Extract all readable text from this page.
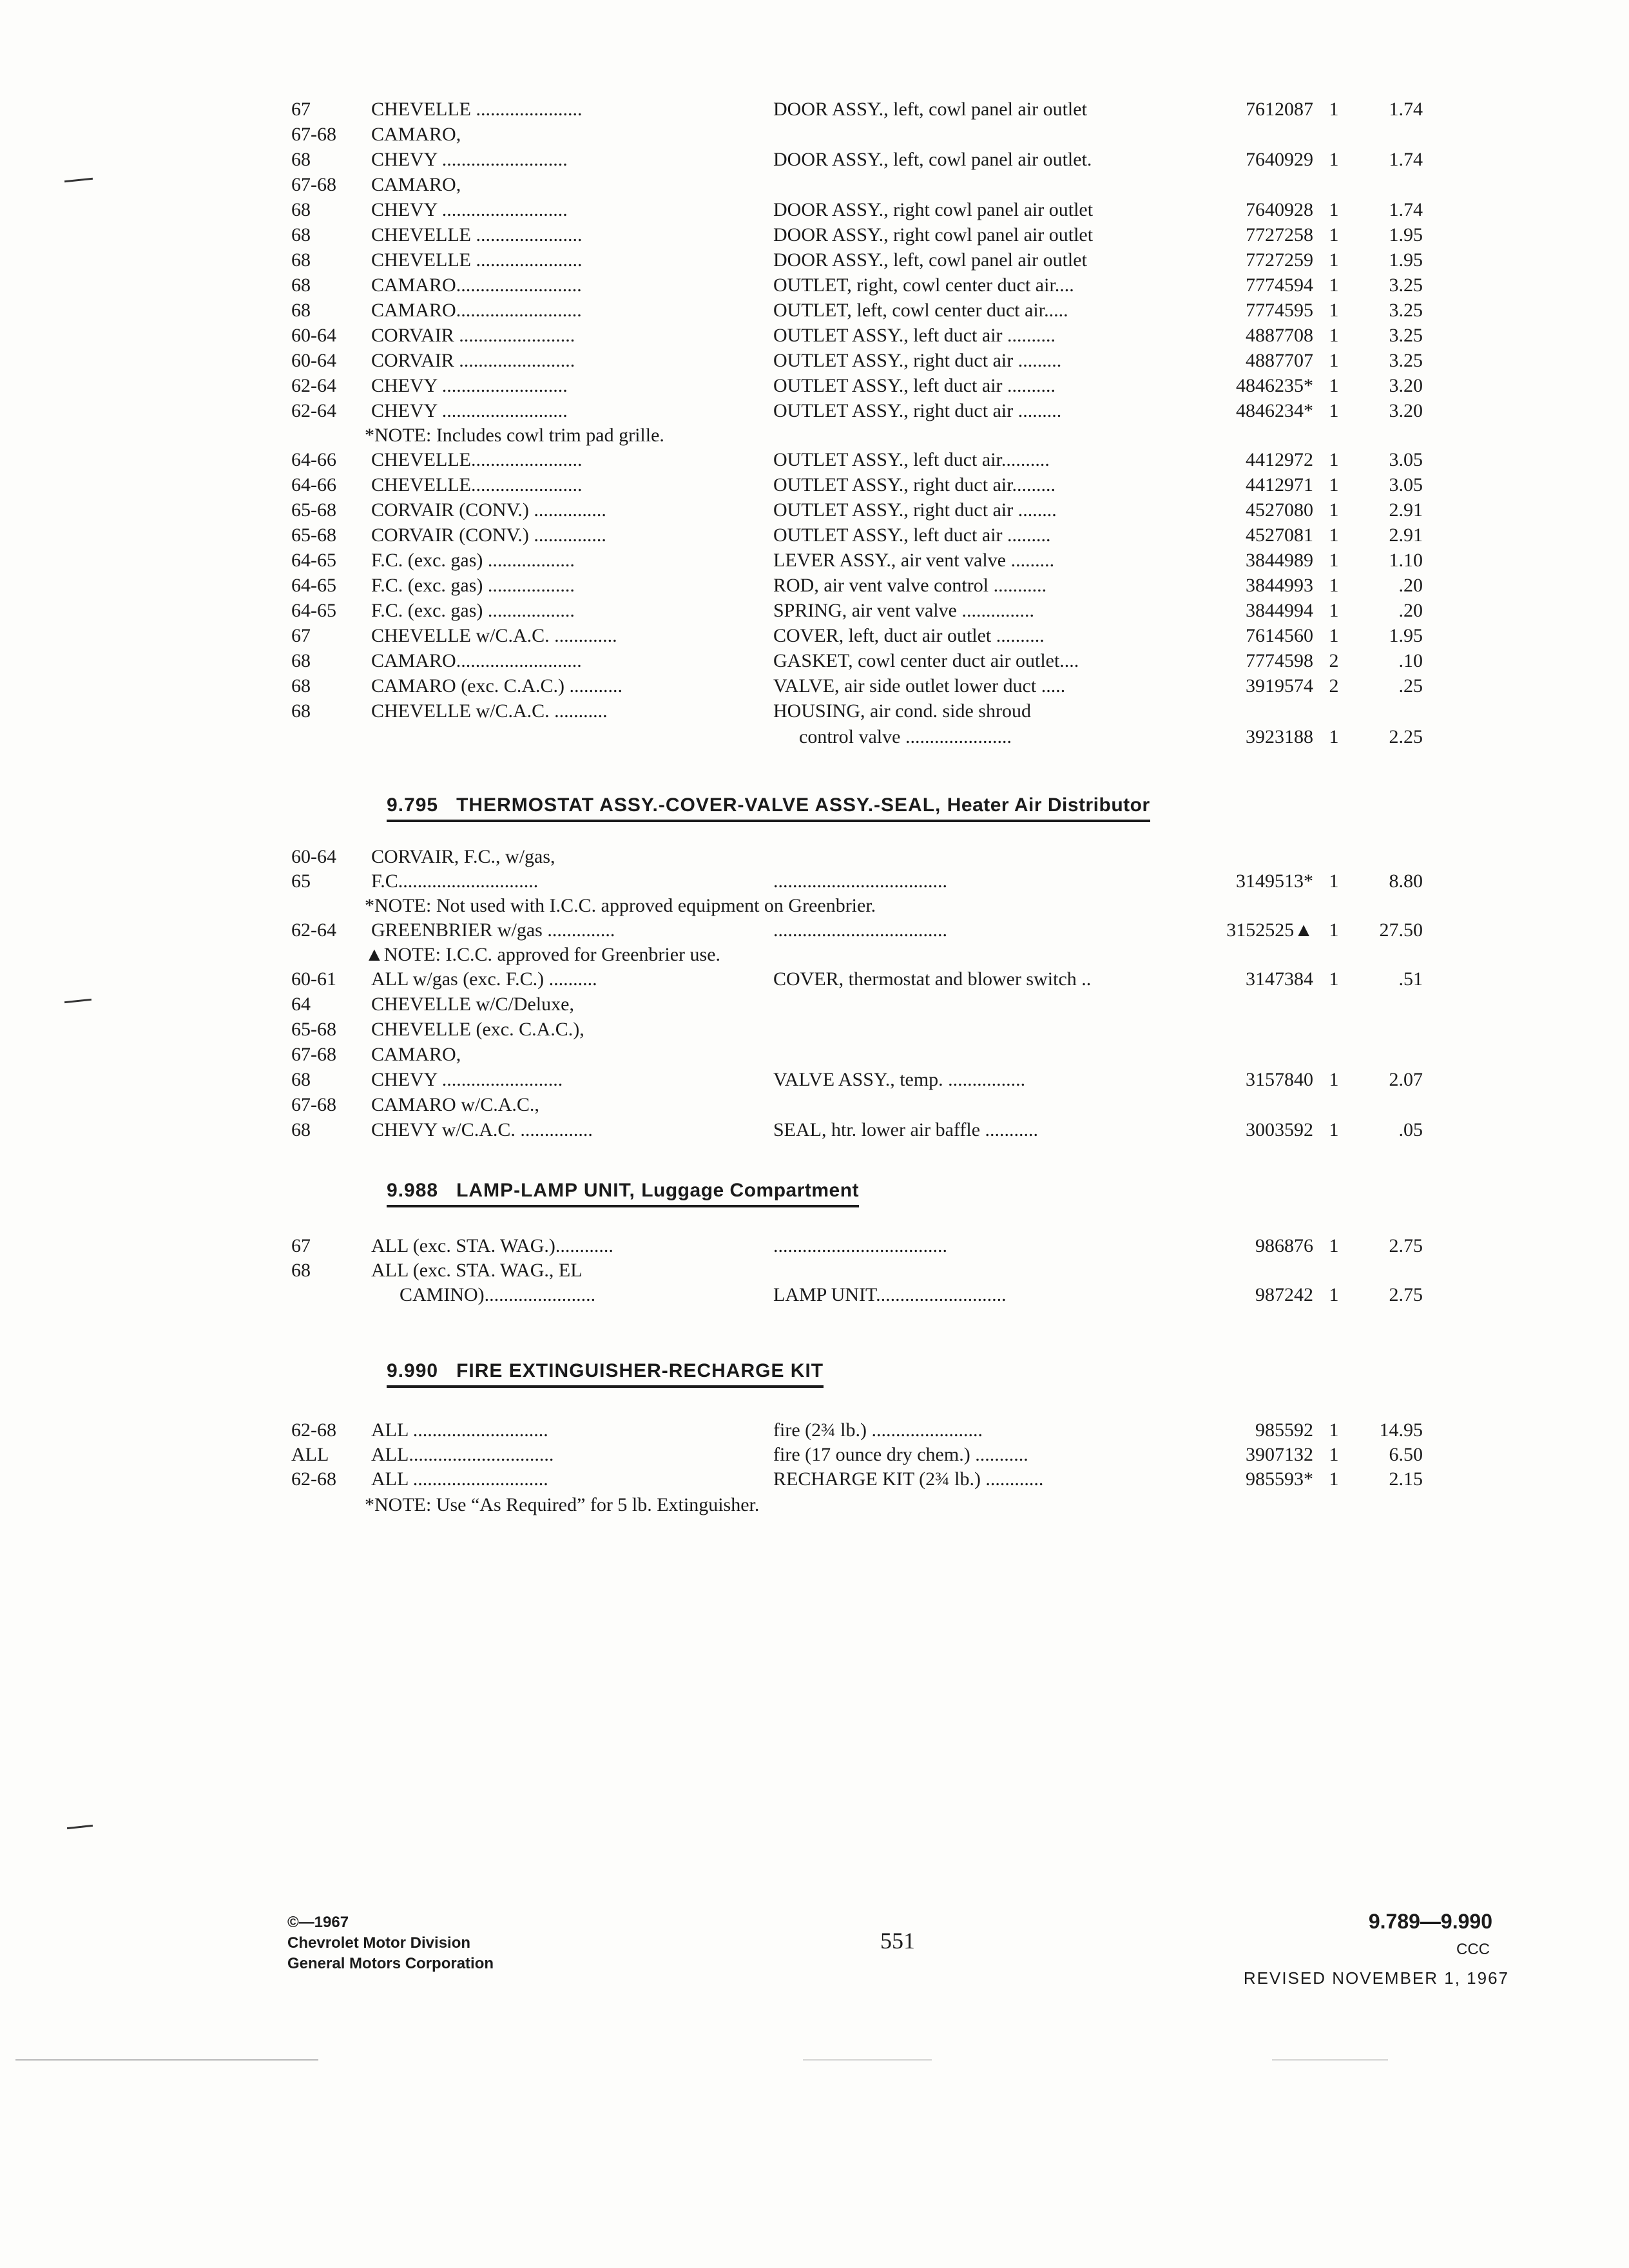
67	CHEVELLE ......................	DOOR ASSY., left, cowl panel air outlet	7612087 1	1.74
67-68	CAMARO,
68	CHEVY ..........................	DOOR ASSY., left, cowl panel air outlet.	7640929 1	1.74
67-68	CAMARO,
68	CHEVY ..........................	DOOR ASSY., right cowl panel air outlet	7640928 1	1.74
68	CHEVELLE ......................	DOOR ASSY., right cowl panel air outlet	7727258 1	1.95
68	CHEVELLE ......................	DOOR ASSY., left, cowl panel air outlet	7727259 1	1.95
68	CAMARO..........................	OUTLET, right, cowl center duct air....	7774594 1	3.25
68	CAMARO..........................	OUTLET, left, cowl center duct air.....	7774595 1	3.25
60-64	CORVAIR ........................	OUTLET ASSY., left duct air ..........	4887708 1	3.25
60-64	CORVAIR ........................	OUTLET ASSY., right duct air .........	4887707 1	3.25
62-64	CHEVY ..........................	OUTLET ASSY., left duct air ..........	4846235* 1	3.20
62-64	CHEVY ..........................	OUTLET ASSY., right duct air .........	4846234* 1	3.20
*NOTE: Includes cowl trim pad grille.
64-66	CHEVELLE.......................	OUTLET ASSY., left duct air..........	4412972 1	3.05
64-66	CHEVELLE.......................	OUTLET ASSY., right duct air.........	4412971 1	3.05
65-68	CORVAIR (CONV.) ...............	OUTLET ASSY., right duct air ........	4527080 1	2.91
65-68	CORVAIR (CONV.) ...............	OUTLET ASSY., left duct air .........	4527081 1	2.91
64-65	F.C. (exc. gas) ..................	LEVER ASSY., air vent valve .........	3844989 1	1.10
64-65	F.C. (exc. gas) ..................	ROD, air vent valve control ...........	3844993 1	.20
64-65	F.C. (exc. gas) ..................	SPRING, air vent valve ...............	3844994 1	.20
67	CHEVELLE w/C.A.C. .............	COVER, left, duct air outlet ..........	7614560 1	1.95
68	CAMARO..........................	GASKET, cowl center duct air outlet....	7774598 2	.10
68	CAMARO (exc. C.A.C.) ...........	VALVE, air side outlet lower duct .....	3919574 2	.25
68	CHEVELLE w/C.A.C. ...........	HOUSING, air cond. side shroud
control valve ......................	3923188 1	2.25
9.795 THERMOSTAT ASSY.-COVER-VALVE ASSY.-SEAL, Heater Air Distributor
60-64	CORVAIR, F.C., w/gas,
65	F.C.............................	....................................	3149513* 1	8.80
*NOTE: Not used with I.C.C. approved equipment on Greenbrier.
62-64	GREENBRIER w/gas ..............	....................................	3152525▲ 1	27.50
▲NOTE: I.C.C. approved for Greenbrier use.
60-61	ALL w/gas (exc. F.C.) ..........	COVER, thermostat and blower switch ..	3147384 1	.51
64	CHEVELLE w/C/Deluxe,
65-68	CHEVELLE (exc. C.A.C.),
67-68	CAMARO,
68	CHEVY .........................	VALVE ASSY., temp. ................	3157840 1	2.07
67-68	CAMARO w/C.A.C.,
68	CHEVY w/C.A.C. ...............	SEAL, htr. lower air baffle ...........	3003592 1	.05
9.988 LAMP-LAMP UNIT, Luggage Compartment
67	ALL (exc. STA. WAG.)............	....................................	986876 1	2.75
68	ALL (exc. STA. WAG., EL
CAMINO).......................	LAMP UNIT...........................	987242 1	2.75
9.990 FIRE EXTINGUISHER-RECHARGE KIT
62-68	ALL ............................	fire (2¾ lb.) .......................	985592 1	14.95
ALL	ALL..............................	fire (17 ounce dry chem.) ...........	3907132 1	6.50
62-68	ALL ............................	RECHARGE KIT (2¾ lb.) ............	985593* 1	2.15
*NOTE: Use “As Required” for 5 lb. Extinguisher.
©—1967
Chevrolet Motor Division
General Motors Corporation
551
9.789—9.990
CCC
REVISED NOVEMBER 1, 1967
